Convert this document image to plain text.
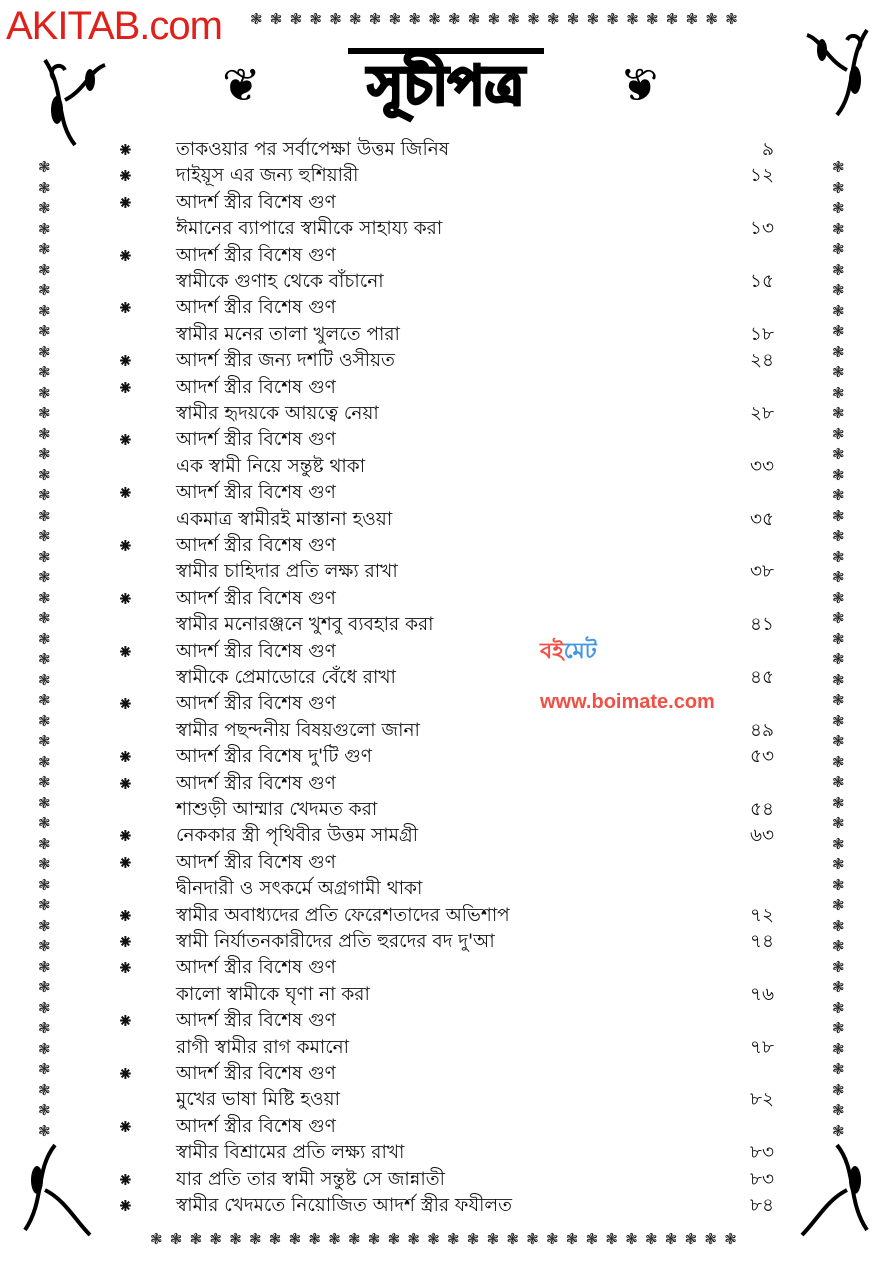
❃ ❃ ❃ ❃ ❃ ❃ ❃ ❃ ❃ ❃ ❃ ❃ ❃ ❃ ❃ ❃ ❃ ❃ ❃ ❃ ❃ ❃ ❃ ❃ ❃
❃ ❃ ❃ ❃ ❃ ❃ ❃ ❃ ❃ ❃ ❃ ❃ ❃ ❃ ❃ ❃ ❃ ❃ ❃ ❃ ❃ ❃ ❃ ❃ ❃ ❃ ❃ ❃ ❃ ❃
❃	❃
❃	❃
❃	❃
❃	❃
❃	❃
❃	❃
❃	❃
❃	❃
❃	❃
❃	❃
❃	❃
❃	❃
❃	❃
❃	❃
❃	❃
❃	❃
❃	❃
❃	❃
❃	❃
❃	❃
❃	❃
❃	❃
❃	❃
❃	❃
❃	❃
❃	❃
❃	❃
❃	❃
❃	❃
❃	❃
❃	❃
❃	❃
❃	❃
❃	❃
❃	❃
❃	❃
❃	❃
❃	❃
❃	❃
❃	❃
❃	❃
❃	❃
❃	❃
❃	❃
❃	❃
❃	❃
❃	❃
❃	❃
AKITAB.com
❦	সূচীপত্র	❦
⁕ তাকওয়ার পর সর্বাপেক্ষা উত্তম জিনিষ	৯
⁕ দাইয়ূস এর জন্য হুশিয়ারী	১২
⁕ আদর্শ স্ত্রীর বিশেষ গুণ
ঈমানের ব্যাপারে স্বামীকে সাহায্য করা	১৩
⁕ আদর্শ স্ত্রীর বিশেষ গুণ
স্বামীকে গুণাহ থেকে বাঁচানো	১৫
⁕ আদর্শ স্ত্রীর বিশেষ গুণ
স্বামীর মনের তালা খুলতে পারা	১৮
⁕ আদর্শ স্ত্রীর জন্য দশটি ওসীয়ত	২৪
⁕ আদর্শ স্ত্রীর বিশেষ গুণ
স্বামীর হৃদয়কে আয়ত্বে নেয়া	২৮
⁕ আদর্শ স্ত্রীর বিশেষ গুণ
এক স্বামী নিয়ে সন্তুষ্ট থাকা	৩৩
⁕ আদর্শ স্ত্রীর বিশেষ গুণ
একমাত্র স্বামীরই মাস্তানা হওয়া	৩৫
⁕ আদর্শ স্ত্রীর বিশেষ গুণ
স্বামীর চাহিদার প্রতি লক্ষ্য রাখা	৩৮
⁕ আদর্শ স্ত্রীর বিশেষ গুণ
স্বামীর মনোরঞ্জনে খুশবু ব্যবহার করা	৪১
⁕ আদর্শ স্ত্রীর বিশেষ গুণ
স্বামীকে প্রেমাডোরে বেঁধে রাখা	৪৫
⁕ আদর্শ স্ত্রীর বিশেষ গুণ
স্বামীর পছন্দনীয় বিষয়গুলো জানা	৪৯
⁕ আদর্শ স্ত্রীর বিশেষ দু'টি গুণ	৫৩
⁕ আদর্শ স্ত্রীর বিশেষ গুণ
শাশুড়ী আম্মার খেদমত করা	৫৪
⁕ নেককার স্ত্রী পৃথিবীর উত্তম সামগ্রী	৬৩
⁕ আদর্শ স্ত্রীর বিশেষ গুণ
দ্বীনদারী ও সৎকর্মে অগ্রগামী থাকা
⁕ স্বামীর অবাধ্যদের প্রতি ফেরেশতাদের অভিশাপ	৭২
⁕ স্বামী নির্যাতনকারীদের প্রতি হুরদের বদ দু'আ	৭৪
⁕ আদর্শ স্ত্রীর বিশেষ গুণ
কালো স্বামীকে ঘৃণা না করা	৭৬
⁕ আদর্শ স্ত্রীর বিশেষ গুণ
রাগী স্বামীর রাগ কমানো	৭৮
⁕ আদর্শ স্ত্রীর বিশেষ গুণ
মুখের ভাষা মিষ্টি হওয়া	৮২
⁕ আদর্শ স্ত্রীর বিশেষ গুণ
স্বামীর বিশ্রামের প্রতি লক্ষ্য রাখা	৮৩
⁕ যার প্রতি তার স্বামী সন্তুষ্ট সে জান্নাতী	৮৩
⁕ স্বামীর খেদমতে নিয়োজিত আদর্শ স্ত্রীর ফযীলত	৮৪
বইমেট
www.boimate.com
